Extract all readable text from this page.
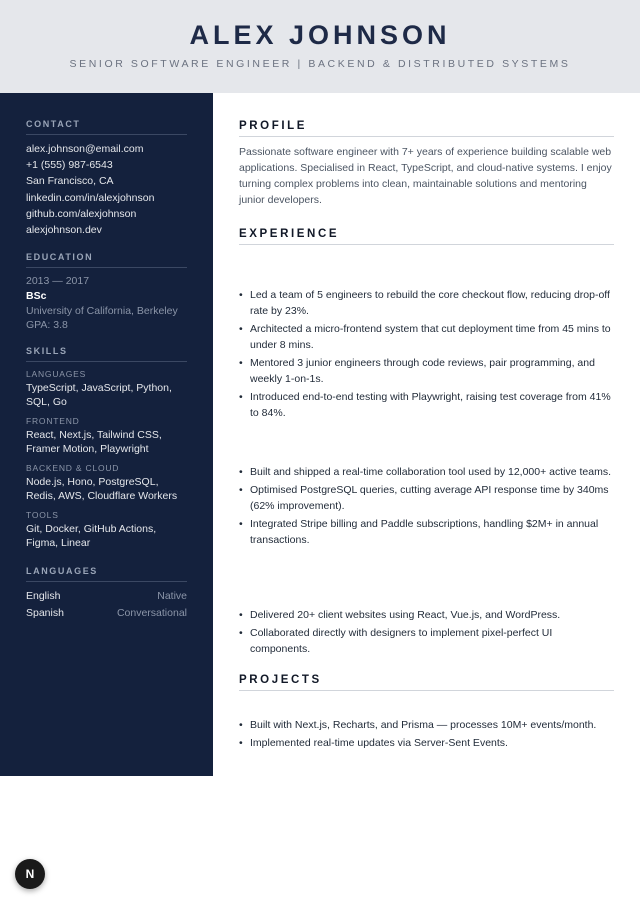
ALEX JOHNSON
SENIOR SOFTWARE ENGINEER | BACKEND & DISTRIBUTED SYSTEMS
CONTACT
alex.johnson@email.com
+1 (555) 987-6543
San Francisco, CA
linkedin.com/in/alexjohnson
github.com/alexjohnson
alexjohnson.dev
EDUCATION
2013 — 2017
BSc
University of California, Berkeley
GPA: 3.8
SKILLS
LANGUAGES
TypeScript, JavaScript, Python, SQL, Go
FRONTEND
React, Next.js, Tailwind CSS, Framer Motion, Playwright
BACKEND & CLOUD
Node.js, Hono, PostgreSQL, Redis, AWS, Cloudflare Workers
TOOLS
Git, Docker, GitHub Actions, Figma, Linear
LANGUAGES
English	Native
Spanish	Conversational
PROFILE
Passionate software engineer with 7+ years of experience building scalable web applications. Specialised in React, TypeScript, and cloud-native systems. I enjoy turning complex problems into clean, maintainable solutions and mentoring junior developers.
EXPERIENCE
• Led a team of 5 engineers to rebuild the core checkout flow, reducing drop-off rate by 23%.
• Architected a micro-frontend system that cut deployment time from 45 mins to under 8 mins.
• Mentored 3 junior engineers through code reviews, pair programming, and weekly 1-on-1s.
• Introduced end-to-end testing with Playwright, raising test coverage from 41% to 84%.
• Built and shipped a real-time collaboration tool used by 12,000+ active teams.
• Optimised PostgreSQL queries, cutting average API response time by 340ms (62% improvement).
• Integrated Stripe billing and Paddle subscriptions, handling $2M+ in annual transactions.
• Delivered 20+ client websites using React, Vue.js, and WordPress.
• Collaborated directly with designers to implement pixel-perfect UI components.
PROJECTS
• Built with Next.js, Recharts, and Prisma — processes 10M+ events/month.
• Implemented real-time updates via Server-Sent Events.
N
